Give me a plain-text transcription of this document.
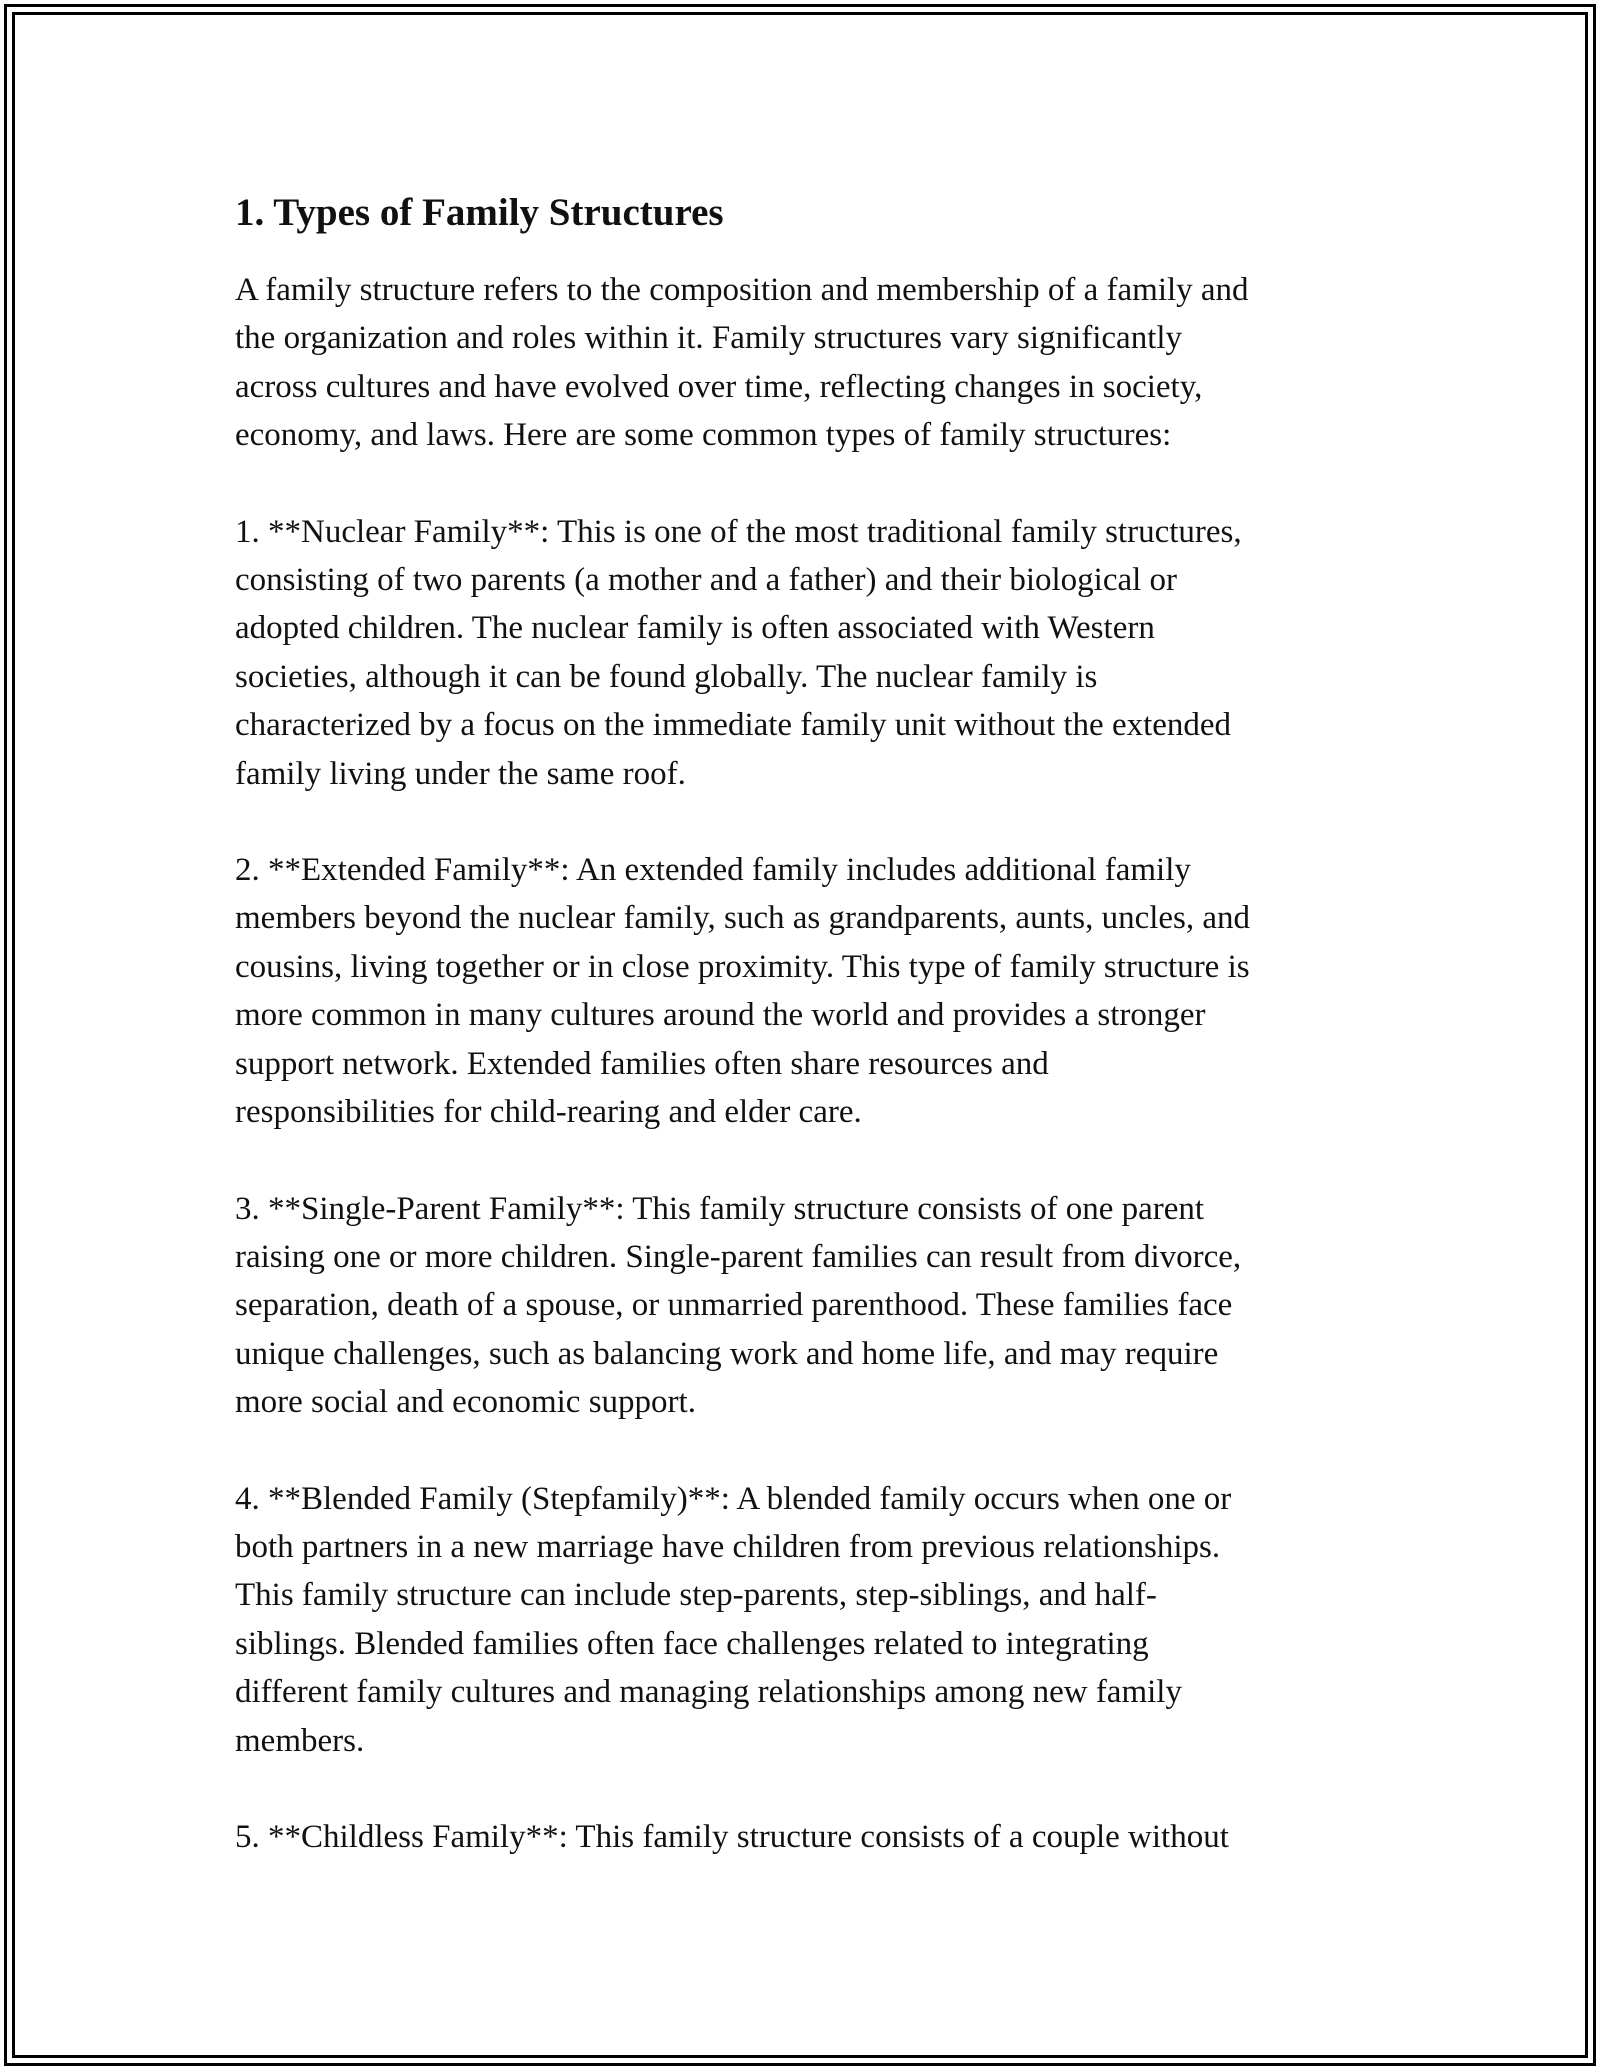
1. Types of Family Structures

A family structure refers to the composition and membership of a family and
the organization and roles within it. Family structures vary significantly
across cultures and have evolved over time, reflecting changes in society,
economy, and laws. Here are some common types of family structures:

1. **Nuclear Family**: This is one of the most traditional family structures,
consisting of two parents (a mother and a father) and their biological or
adopted children. The nuclear family is often associated with Western
societies, although it can be found globally. The nuclear family is
characterized by a focus on the immediate family unit without the extended
family living under the same roof.

2. **Extended Family**: An extended family includes additional family
members beyond the nuclear family, such as grandparents, aunts, uncles, and
cousins, living together or in close proximity. This type of family structure is
more common in many cultures around the world and provides a stronger
support network. Extended families often share resources and
responsibilities for child-rearing and elder care.

3. **Single-Parent Family**: This family structure consists of one parent
raising one or more children. Single-parent families can result from divorce,
separation, death of a spouse, or unmarried parenthood. These families face
unique challenges, such as balancing work and home life, and may require
more social and economic support.

4. **Blended Family (Stepfamily)**: A blended family occurs when one or
both partners in a new marriage have children from previous relationships.
This family structure can include step-parents, step-siblings, and half-
siblings. Blended families often face challenges related to integrating
different family cultures and managing relationships among new family
members.

5. **Childless Family**: This family structure consists of a couple without
